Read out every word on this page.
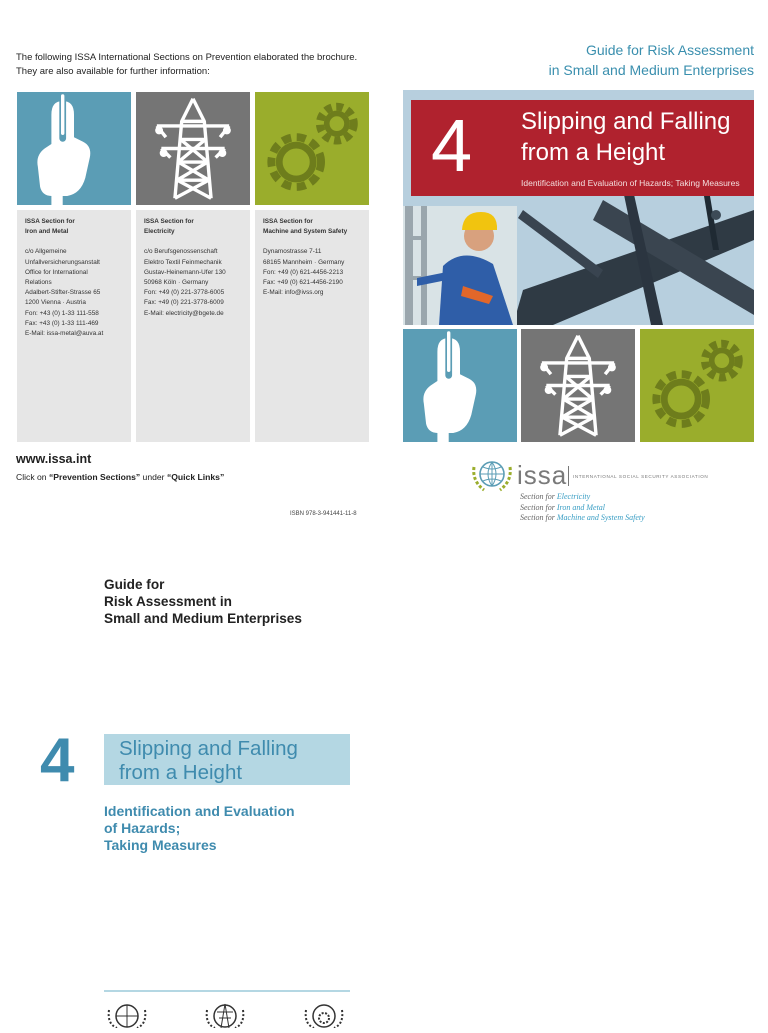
The following ISSA International Sections on Prevention elaborated the brochure.
They are also available for further information:
ISSA Section for
Iron and Metal
c/o Allgemeine
Unfallversicherungsanstalt
Office for International
Relations
Adalbert-Stifter-Strasse 65
1200 Vienna · Austria
Fon: +43 (0) 1-33 111-558
Fax: +43 (0) 1-33 111-469
E-Mail: issa-metal@auva.at
ISSA Section for
Electricity
c/o Berufsgenossenschaft
Elektro Textil Feinmechanik
Gustav-Heinemann-Ufer 130
50968 Köln · Germany
Fon: +49 (0) 221-3778-6005
Fax: +49 (0) 221-3778-6009
E-Mail: electricity@bgete.de
ISSA Section for
Machine and System Safety
Dynamostrasse 7-11
68165 Mannheim · Germany
Fon: +49 (0) 621-4456-2213
Fax: +49 (0) 621-4456-2190
E-Mail: info@ivss.org
www.issa.int
Click on “Prevention Sections” under “Quick Links”
ISBN 978-3-941441-11-8
Guide for Risk Assessment
in Small and Medium Enterprises
4 Slipping and Falling
from a Height
Identification and Evaluation of Hazards; Taking Measures
issa INTERNATIONAL SOCIAL SECURITY ASSOCIATION
Section for Electricity
Section for Iron and Metal
Section for Machine and System Safety
Guide for
Risk Assessment in
Small and Medium Enterprises
4 Slipping and Falling
from a Height
Identification and Evaluation
of Hazards;
Taking Measures
